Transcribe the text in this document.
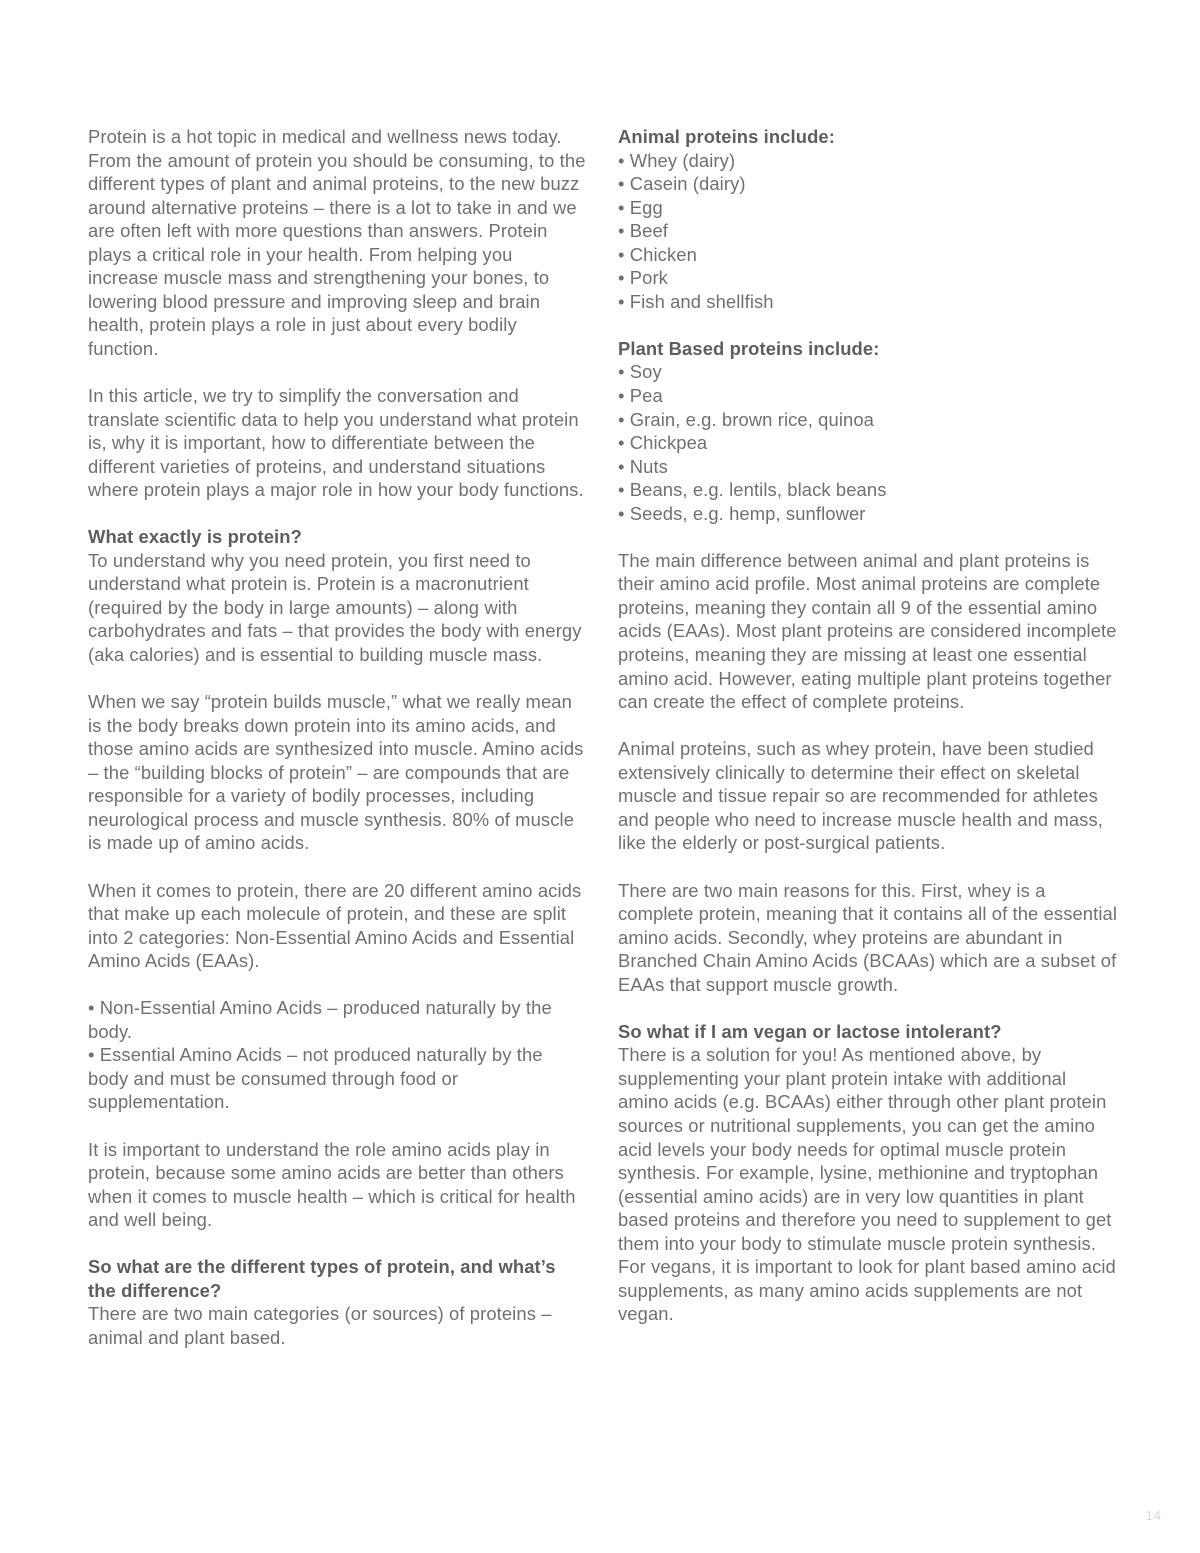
Protein is a hot topic in medical and wellness news today. From the amount of protein you should be consuming, to the different types of plant and animal proteins, to the new buzz around alternative proteins – there is a lot to take in and we are often left with more questions than answers. Protein plays a critical role in your health. From helping you increase muscle mass and strengthening your bones, to lowering blood pressure and improving sleep and brain health, protein plays a role in just about every bodily function.

In this article, we try to simplify the conversation and translate scientific data to help you understand what protein is, why it is important, how to differentiate between the different varieties of proteins, and understand situations where protein plays a major role in how your body functions.

What exactly is protein?

To understand why you need protein, you first need to understand what protein is. Protein is a macronutrient (required by the body in large amounts) – along with carbohydrates and fats – that provides the body with energy (aka calories) and is essential to building muscle mass.

When we say “protein builds muscle,” what we really mean is the body breaks down protein into its amino acids, and those amino acids are synthesized into muscle. Amino acids – the “building blocks of protein” – are compounds that are responsible for a variety of bodily processes, including neurological process and muscle synthesis. 80% of muscle is made up of amino acids.

When it comes to protein, there are 20 different amino acids that make up each molecule of protein, and these are split into 2 categories: Non-Essential Amino Acids and Essential Amino Acids (EAAs).

• Non-Essential Amino Acids – produced naturally by the body.

• Essential Amino Acids – not produced naturally by the body and must be consumed through food or supplementation.

It is important to understand the role amino acids play in protein, because some amino acids are better than others when it comes to muscle health – which is critical for health and well being.

So what are the different types of protein, and what’s the difference?

There are two main categories (or sources) of proteins – animal and plant based.

Animal proteins include:

• Whey (dairy)
• Casein (dairy)
• Egg
• Beef
• Chicken
• Pork
• Fish and shellfish

Plant Based proteins include:

• Soy
• Pea
• Grain, e.g. brown rice, quinoa
• Chickpea
• Nuts
• Beans, e.g. lentils, black beans
• Seeds, e.g. hemp, sunflower

The main difference between animal and plant proteins is their amino acid profile. Most animal proteins are complete proteins, meaning they contain all 9 of the essential amino acids (EAAs). Most plant proteins are considered incomplete proteins, meaning they are missing at least one essential amino acid. However, eating multiple plant proteins together can create the effect of complete proteins.

Animal proteins, such as whey protein, have been studied extensively clinically to determine their effect on skeletal muscle and tissue repair so are recommended for athletes and people who need to increase muscle health and mass, like the elderly or post-surgical patients.

There are two main reasons for this. First, whey is a complete protein, meaning that it contains all of the essential amino acids. Secondly, whey proteins are abundant in Branched Chain Amino Acids (BCAAs) which are a subset of EAAs that support muscle growth.

So what if I am vegan or lactose intolerant?

There is a solution for you! As mentioned above, by supplementing your plant protein intake with additional amino acids (e.g. BCAAs) either through other plant protein sources or nutritional supplements, you can get the amino acid levels your body needs for optimal muscle protein synthesis. For example, lysine, methionine and tryptophan (essential amino acids) are in very low quantities in plant based proteins and therefore you need to supplement to get them into your body to stimulate muscle protein synthesis. For vegans, it is important to look for plant based amino acid supplements, as many amino acids supplements are not vegan.

14
